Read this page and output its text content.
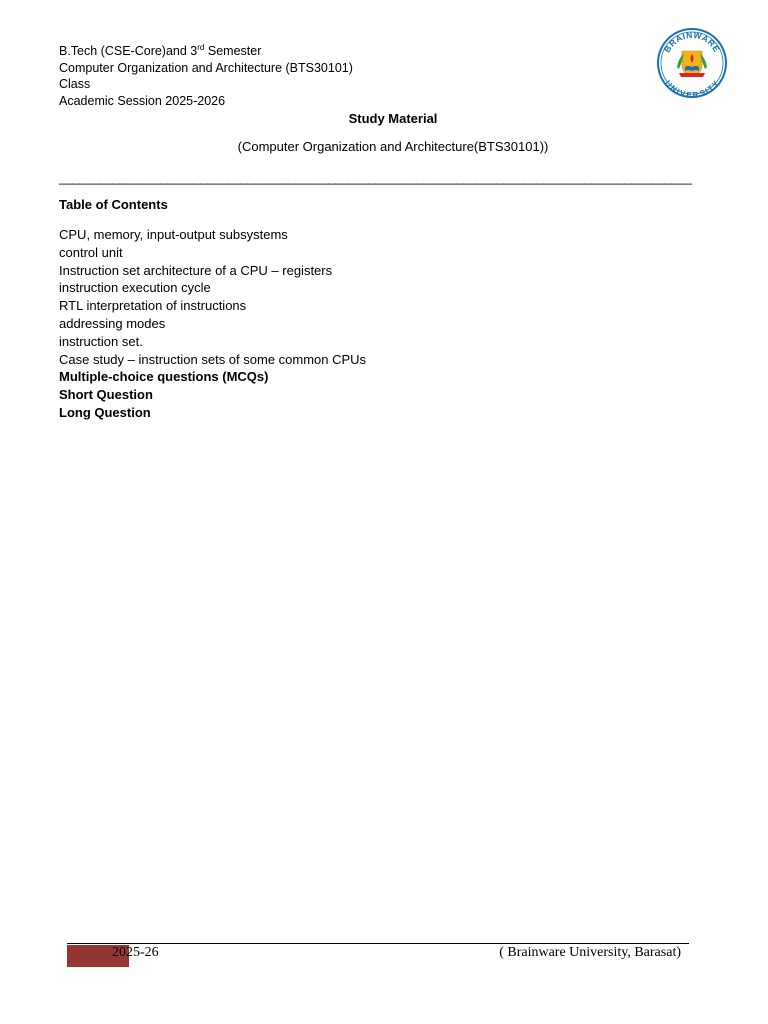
B.Tech (CSE-Core)and 3rd Semester
Computer Organization and Architecture (BTS30101)
Class
Academic Session 2025-2026
BRAINWARE
UNIVERSITY
Study Material
(Computer Organization and Architecture(BTS30101))
______________________________________________________________________________________________
Table of Contents
CPU, memory, input-output subsystems
control unit
Instruction set architecture of a CPU – registers
instruction execution cycle
RTL interpretation of instructions
addressing modes
instruction set.
Case study – instruction sets of some common CPUs
Multiple-choice questions (MCQs)
Short Question
Long Question
2025-26	( Brainware University, Barasat)
